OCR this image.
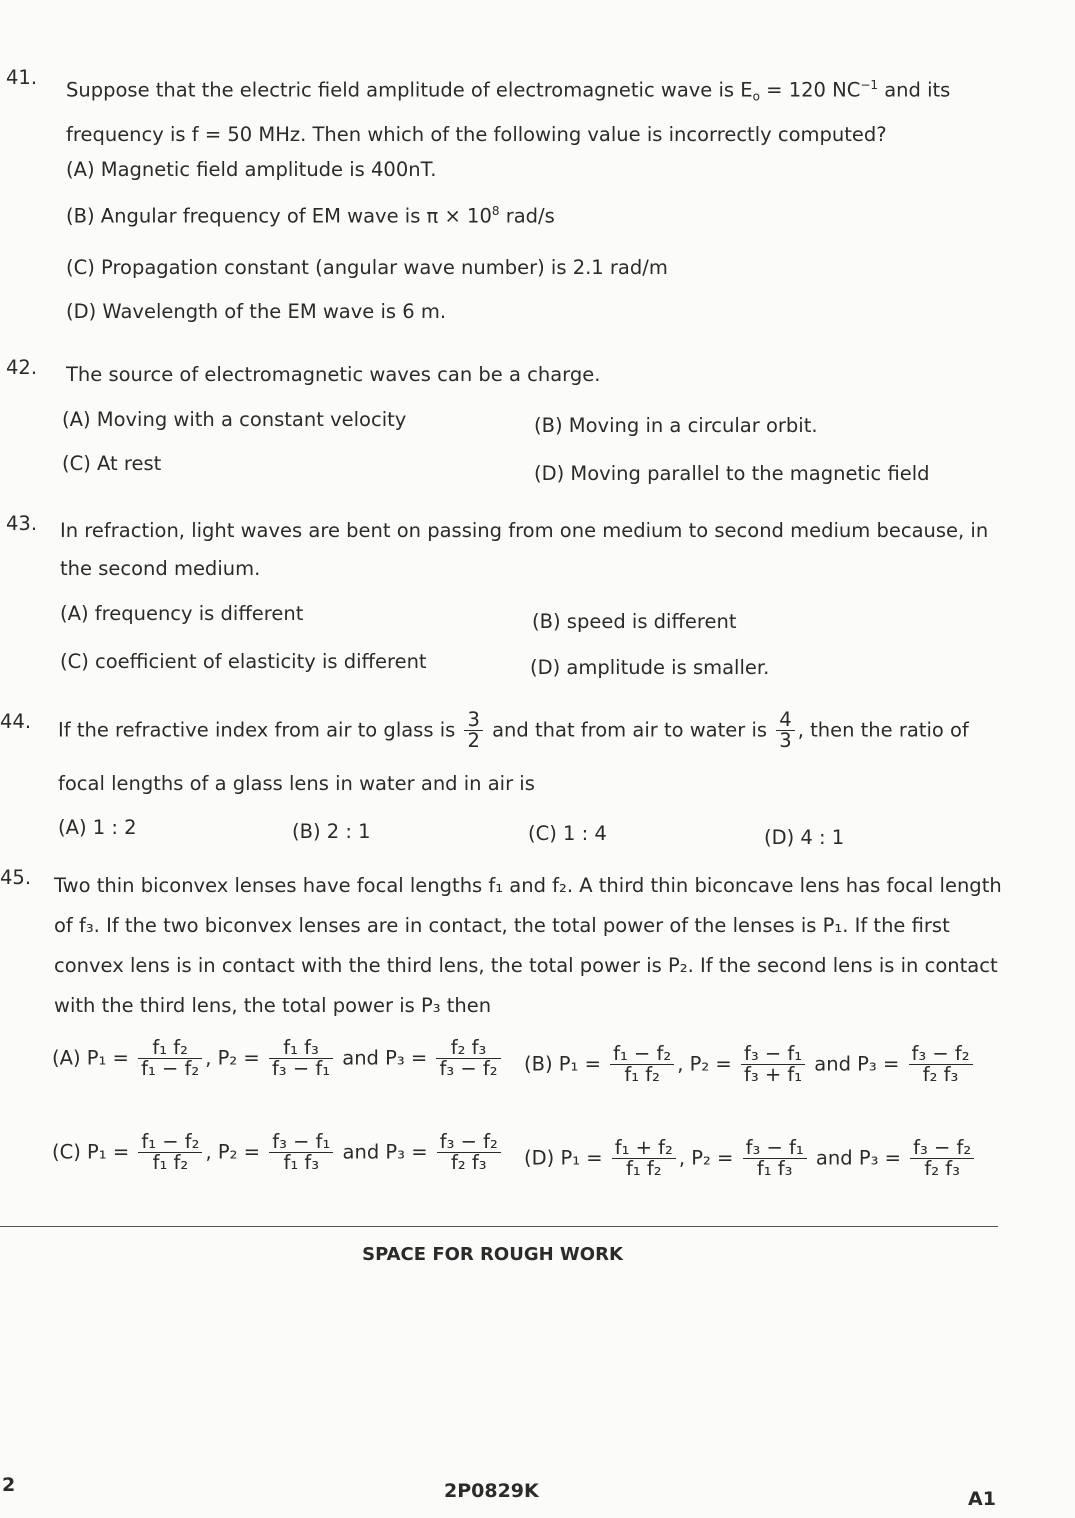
41.
Suppose that the electric field amplitude of electromagnetic wave is $E_o = 120$ $NC^{-1}$ and its frequency is f = 50 MHz. Then which of the following value is incorrectly computed?
(A) Magnetic field amplitude is 400nT.
(B) Angular frequency of EM wave is $\pi \times 10^8$ rad/s
(C) Propagation constant (angular wave number) is 2.1 rad/m
(D) Wavelength of the EM wave is 6 m.
42. The source of electromagnetic waves can be a charge.
(A) Moving with a constant velocity	(B) Moving in a circular orbit.
(C) At rest	(D) Moving parallel to the magnetic field
43. In refraction, light waves are bent on passing from one medium to second medium because, in the second medium.
(A) frequency is different	(B) speed is different
(C) coefficient of elasticity is different	(D) amplitude is smaller.
44. If the refractive index from air to glass is $\frac{3}{2}$ and that from air to water is $\frac{4}{3}$ , then the ratio of
focal lengths of a glass lens in water and in air is
(A) 1 : 2	(B) 2 : 1	(C) 1 : 4	(D) 4 : 1
45. Two thin biconvex lenses have focal lengths f₁ and f₂. A third thin biconcave lens has focal length of f₃. If the two biconvex lenses are in contact, the total power of the lenses is P₁. If the first convex lens is in contact with the third lens, the total power is P₂. If the second lens is in contact with the third lens, the total power is P₃ then
(A) $P_1 = \frac{\text{f₁ f₂}}{\text{f₁ − f₂}}$ , $P_2 = \frac{\text{f₁ f₃}}{\text{f₃ − f₁}}$ and $P_3 = \frac{\text{f₂ f₃}}{\text{f₃ − f₂}} (B) P_1 = \frac{\text{f₁ − f₂}}{\text{f₁ f₂}}$ , $P_2 = \frac{\text{f₃ − f₁}}{\text{f₃ + f₁}}$ and $P_3 = \frac{\text{f₃ − f₂}}{\text{f₂ f₃}}$
(C) $P_1 = \frac{\text{f₁ − f₂}}{\text{f₁ f₂}}$ , $P_2 = \frac{\text{f₃ − f₁}}{\text{f₁ f₃}}$ and $P_3 = \frac{\text{f₃ − f₂}}{\text{f₂ f₃}} (D) P_1 = \frac{\text{f₁ + f₂}}{\text{f₁ f₂}}$ , $P_2 = \frac{\text{f₃ − f₁}}{\text{f₁ f₃}}$ and $P_3 = \frac{\text{f₃ − f₂}}{\text{f₂ f₃}}$
SPACE FOR ROUGH WORK
2	2P0829K	A1
